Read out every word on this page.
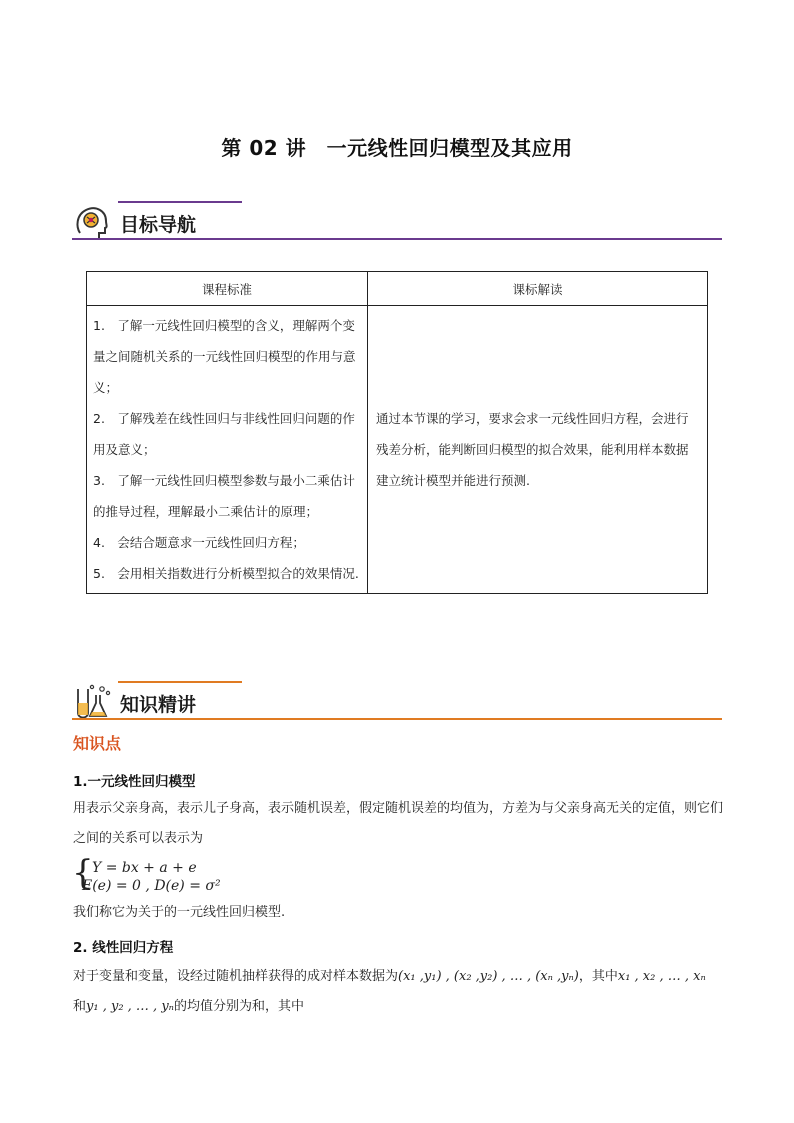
第 02 讲　一元线性回归模型及其应用
目标导航
课程标准	课标解读

1.　了解一元线性回归模型的含义，理解两个变量之间随机关系的一元线性回归模型的作用与意义；
2.　了解残差在线性回归与非线性回归问题的作用及意义；
3.　了解一元线性回归模型参数与最小二乘估计的推导过程，理解最小二乘估计的原理；
4.　会结合题意求一元线性回归方程；
5.　会用相关指数进行分析模型拟合的效果情况.	通过本节课的学习，要求会求一元线性回归方程，会进行残差分析，能判断回归模型的拟合效果，能利用样本数据建立统计模型并能进行预测.
知识精讲
知识点
1.一元线性回归模型
用表示父亲身高，表示儿子身高，表示随机误差，假定随机误差的均值为，方差为与父亲身高无关的定值，则它们之间的关系可以表示为
{
Y = bx + a + e
E(e) = 0 , D(e) = σ²
我们称它为关于的一元线性回归模型.
2. 线性回归方程
对于变量和变量，设经过随机抽样获得的成对样本数据为(x₁ ,y₁) , (x₂ ,y₂) , … , (xₙ ,yₙ)，其中x₁ , x₂ , … , xₙ
和y₁ , y₂ , … , yₙ的均值分别为和，其中
